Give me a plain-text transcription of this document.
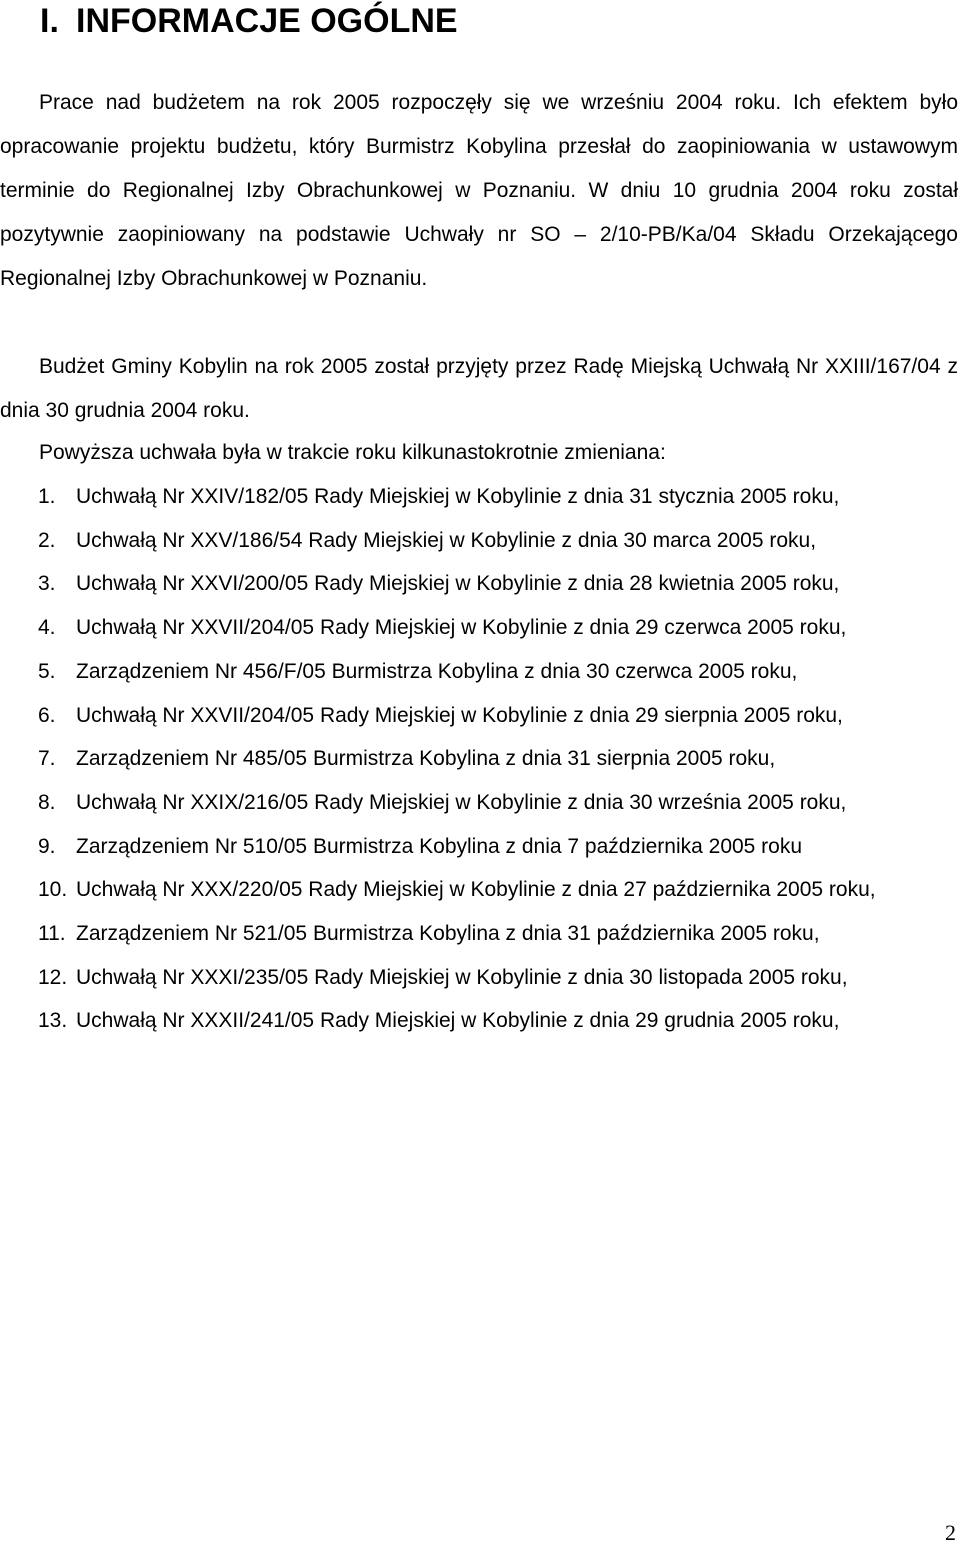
I. INFORMACJE OGÓLNE

Prace nad budżetem na rok 2005 rozpoczęły się we wrześniu 2004 roku. Ich efektem było opracowanie projektu budżetu, który Burmistrz Kobylina przesłał do zaopiniowania w ustawowym terminie do Regionalnej Izby Obrachunkowej w Poznaniu. W dniu 10 grudnia 2004 roku został pozytywnie zaopiniowany na podstawie Uchwały nr SO – 2/10-PB/Ka/04 Składu Orzekającego Regionalnej Izby Obrachunkowej w Poznaniu.

Budżet Gminy Kobylin na rok 2005 został przyjęty przez Radę Miejską Uchwałą Nr XXIII/167/04 z dnia 30 grudnia 2004 roku.

Powyższa uchwała była w trakcie roku kilkunastokrotnie zmieniana:

1. Uchwałą Nr XXIV/182/05 Rady Miejskiej w Kobylinie z dnia 31 stycznia 2005 roku,
2. Uchwałą Nr XXV/186/54 Rady Miejskiej w Kobylinie z dnia 30 marca 2005 roku,
3. Uchwałą Nr XXVI/200/05 Rady Miejskiej w Kobylinie z dnia 28 kwietnia 2005 roku,
4. Uchwałą Nr XXVII/204/05 Rady Miejskiej w Kobylinie z dnia 29 czerwca 2005 roku,
5. Zarządzeniem Nr 456/F/05 Burmistrza Kobylina z dnia 30 czerwca 2005 roku,
6. Uchwałą Nr XXVII/204/05 Rady Miejskiej w Kobylinie z dnia 29 sierpnia 2005 roku,
7. Zarządzeniem Nr 485/05 Burmistrza Kobylina z dnia 31 sierpnia 2005 roku,
8. Uchwałą Nr XXIX/216/05 Rady Miejskiej w Kobylinie z dnia 30 września 2005 roku,
9. Zarządzeniem Nr 510/05 Burmistrza Kobylina z dnia 7 października 2005 roku
10. Uchwałą Nr XXX/220/05 Rady Miejskiej w Kobylinie z dnia 27 października 2005 roku,
11. Zarządzeniem Nr 521/05 Burmistrza Kobylina z dnia 31 października 2005 roku,
12. Uchwałą Nr XXXI/235/05 Rady Miejskiej w Kobylinie z dnia 30 listopada 2005 roku,
13. Uchwałą Nr XXXII/241/05 Rady Miejskiej w Kobylinie z dnia 29 grudnia 2005 roku,
2
